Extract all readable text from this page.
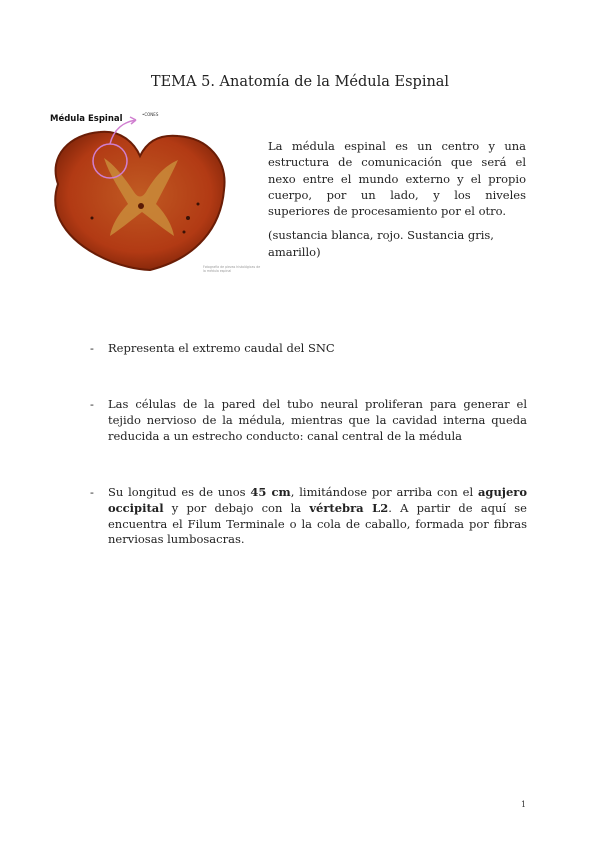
TEMA 5. Anatomía de la Médula Espinal
Médula Espinal	•CONES
Fotografía de piezas histológicas de la médula espinal

La médula espinal es un centro y una estructura de comunicación que será el nexo entre el mundo externo y el propio cuerpo, por un lado, y los niveles superiores de procesamiento por el otro.

(sustancia blanca, rojo. Sustancia gris, amarillo)

- Representa el extremo caudal del SNC
- Las células de la pared del tubo neural proliferan para generar el tejido nervioso de la médula, mientras que la cavidad interna queda reducida a un estrecho conducto: canal central de la médula
- Su longitud es de unos 45 cm, limitándose por arriba con el agujero occipital y por debajo con la vértebra L2. A partir de aquí se encuentra el Filum Terminale o la cola de caballo, formada por fibras nerviosas lumbosacras.
1
